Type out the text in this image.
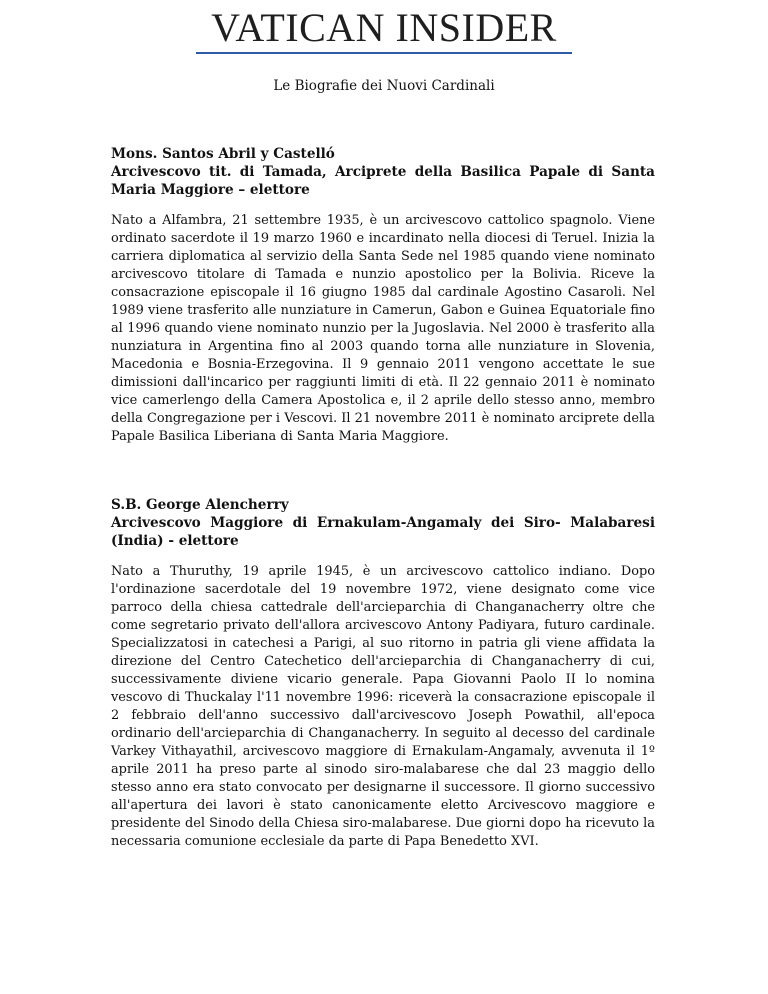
VATICAN INSIDER
Le Biografie dei Nuovi Cardinali

Mons. Santos Abril y Castelló

Arcivescovo tit. di Tamada, Arciprete della Basilica Papale di Santa Maria Maggiore – elettore

Nato a Alfambra, 21 settembre 1935, è un arcivescovo cattolico spagnolo. Viene ordinato sacerdote il 19 marzo 1960 e incardinato nella diocesi di Teruel. Inizia la carriera diplomatica al servizio della Santa Sede nel 1985 quando viene nominato arcivescovo titolare di Tamada e nunzio apostolico per la Bolivia. Riceve la consacrazione episcopale il 16 giugno 1985 dal cardinale Agostino Casaroli. Nel 1989 viene trasferito alle nunziature in Camerun, Gabon e Guinea Equatoriale fino al 1996 quando viene nominato nunzio per la Jugoslavia. Nel 2000 è trasferito alla nunziatura in Argentina fino al 2003 quando torna alle nunziature in Slovenia, Macedonia e Bosnia-Erzegovina. Il 9 gennaio 2011 vengono accettate le sue dimissioni dall'incarico per raggiunti limiti di età. Il 22 gennaio 2011 è nominato vice camerlengo della Camera Apostolica e, il 2 aprile dello stesso anno, membro della Congregazione per i Vescovi. Il 21 novembre 2011 è nominato arciprete della Papale Basilica Liberiana di Santa Maria Maggiore.

S.B. George Alencherry

Arcivescovo Maggiore di Ernakulam-Angamaly dei Siro- Malabaresi (India) - elettore

Nato a Thuruthy, 19 aprile 1945, è un arcivescovo cattolico indiano. Dopo l'ordinazione sacerdotale del 19 novembre 1972, viene designato come vice parroco della chiesa cattedrale dell'arcieparchia di Changanacherry oltre che come segretario privato dell'allora arcivescovo Antony Padiyara, futuro cardinale. Specializzatosi in catechesi a Parigi, al suo ritorno in patria gli viene affidata la direzione del Centro Catechetico dell'arcieparchia di Changanacherry di cui, successivamente diviene vicario generale. Papa Giovanni Paolo II lo nomina vescovo di Thuckalay l'11 novembre 1996: riceverà la consacrazione episcopale il 2 febbraio dell'anno successivo dall'arcivescovo Joseph Powathil, all'epoca ordinario dell'arcieparchia di Changanacherry. In seguito al decesso del cardinale Varkey Vithayathil, arcivescovo maggiore di Ernakulam-Angamaly, avvenuta il 1º aprile 2011 ha preso parte al sinodo siro-malabarese che dal 23 maggio dello stesso anno era stato convocato per designarne il successore. Il giorno successivo all'apertura dei lavori è stato canonicamente eletto Arcivescovo maggiore e presidente del Sinodo della Chiesa siro-malabarese. Due giorni dopo ha ricevuto la necessaria comunione ecclesiale da parte di Papa Benedetto XVI.
